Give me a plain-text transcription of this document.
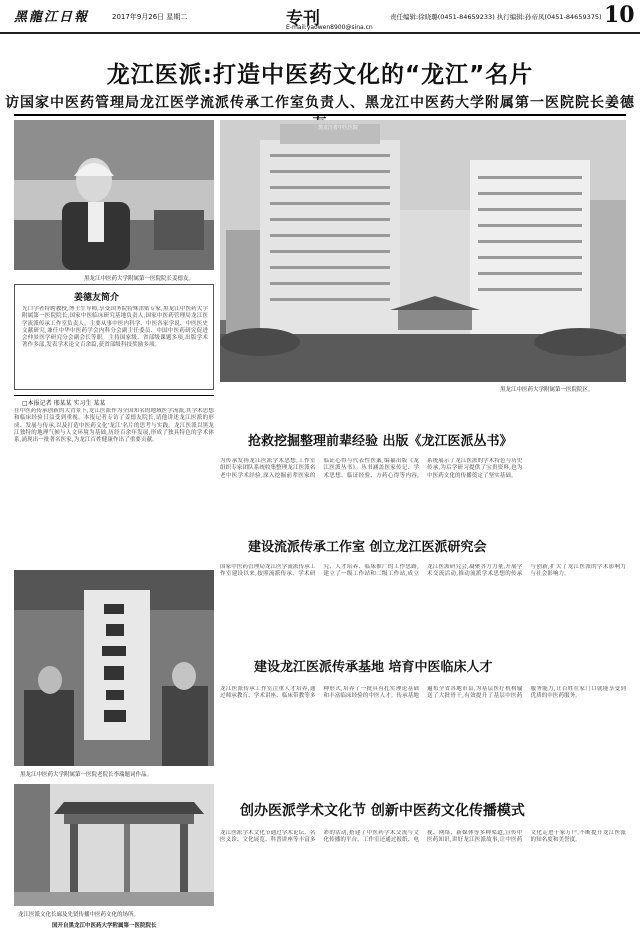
黑龍江日報	2017年9月26日 星期二	专刊
E-mail:yaowen8900@sina.cn
责任编辑:徐晓璐(0451-84659233) 执行编辑:孙帝凤(0451-84659375) 10
龙江医派:打造中医药文化的“龙江”名片
访国家中医药管理局龙江医学流派传承工作室负责人、黑龙江中医药大学附属第一医院院长姜德
黑龙江中医药大学附属第一医院院长姜德友。
姜德友简介
光口学者特聘教授,博士生导师,享受国务院特殊津贴专家,黑龙江中医药大学附属第一医院院长,国家中医临床研究基地负责人,国家中医药管理局龙江医学流派传承工作室负责人。主要从事中医内科学、中医各家学说、中医医史文献研究,兼任中华中医药学会内科分会副主任委员、中国中医药研究促进会仲景医学研究分会副会长等职。主持国家级、省部级课题多项,出版学术著作多部,发表学术论文百余篇,获省部级科技奖励多项。
黑龙江省中医医院
黑龙江中医药大学附属第一医院院区。
□本报记者 邢某某 实习生 某某
在中医药传承创新的大背景下,龙江医派作为全国知名的地域医学流派,其学术思想和临床经验日益受到重视。本报记者专访了姜德友院长,请他讲述龙江医派的形成、发展与传承,以及打造中医药文化'龙江'名片的思考与实践。龙江医派以黑龙江独特的地理气候与人文环境为基础,历经百余年发展,形成了独具特色的学术体系,涌现出一批著名医家,为龙江百姓健康作出了重要贡献。	抢救挖掘整理前辈经验 出版《龙江医派丛书》
为传承发扬龙江医派学术思想,工作室组织专家团队系统收集整理龙江医派名老中医学术经验,深入挖掘前辈医家的临证心得与代表性医案,编纂出版《龙江医派丛书》。丛书涵盖医家传记、学术思想、临证经验、方药心得等内容,系统展示了龙江医派的学术特色与历史传承,为后学研习提供了宝贵资料,也为中医药文化的传播奠定了坚实基础。
建设流派传承工作室 创立龙江医派研究会
国家中医药管理局龙江医学流派传承工作室建设以来,按照流派传承、学术研究、人才培养、临床推广的工作思路,建立了一级工作站和二级工作站,成立龙江医派研究会,凝聚各方力量,开展学术交流活动,推动流派学术思想的传承与创新,扩大了龙江医派的学术影响力与社会影响力。
黑龙江中医药大学附属第一医院老院长李瑞题词作品。
建设龙江医派传承基地 培育中医临床人才
龙江医派传承工作室注重人才培养,通过师承教育、学术讲座、临床带教等多种形式,培养了一批具有扎实理论基础和丰富临床经验的中医人才。传承基地遍布全省各地市县,为基层医疗机构输送了大批骨干,有效提升了基层中医药服务能力,让百姓在家门口就能享受到优质的中医药服务。
龙江医派文化长廊及先贤传播中医药文化的场所。
国开自黑龙江中医药大学附属第一医院院长
创办医派学术文化节 创新中医药文化传播模式
龙江医派学术文化节通过学术论坛、名医义诊、文化展览、科普讲座等丰富多彩的活动,搭建了中医药学术交流与文化传播的平台。工作室还通过报纸、电视、网络、新媒体等多种渠道,宣传中医药知识,讲好龙江医派故事,让中医药文化走进千家万户,不断提升龙江医派的知名度和美誉度。
